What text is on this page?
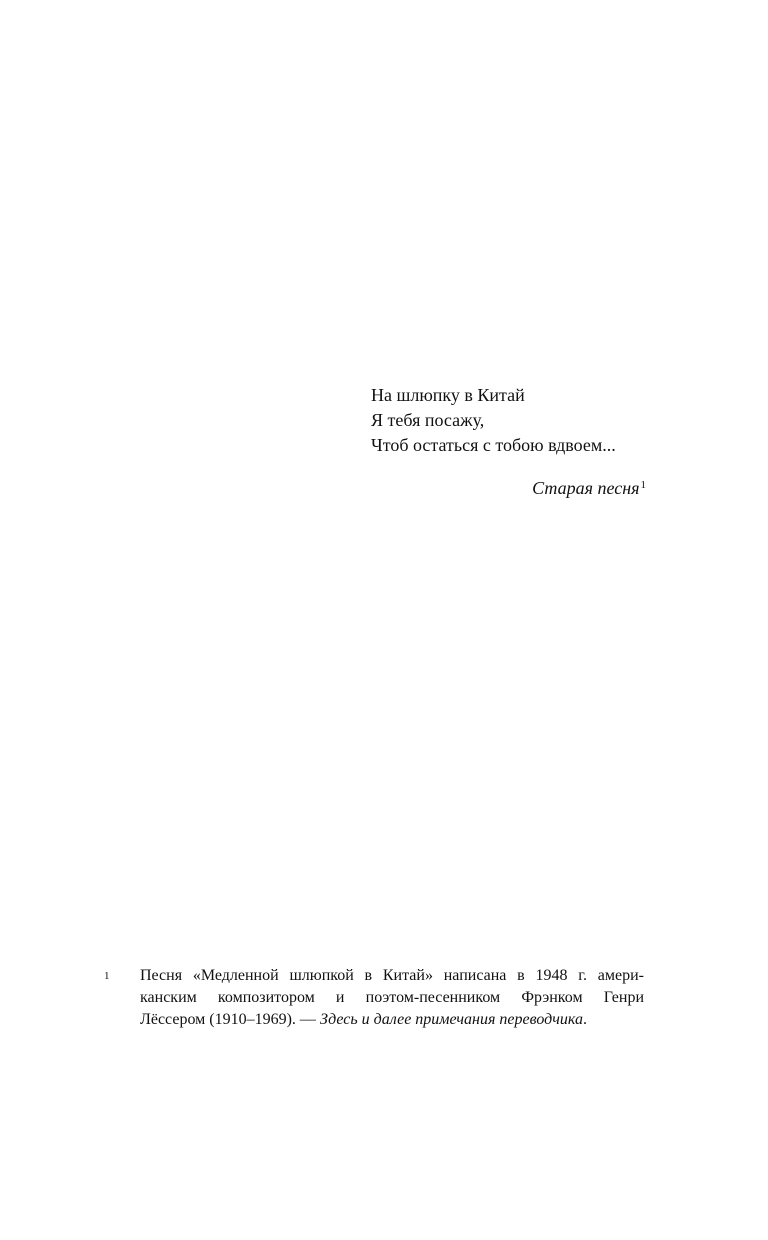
На шлюпку в Китай
Я тебя посажу,
Чтоб остаться с тобою вдвоем...
Старая песня$^1$
1 Песня «Медленной шлюпкой в Китай» написана в 1948 г. амери-
канским композитором и поэтом-песенником Фрэнком Генри
Лёссером (1910–1969). — Здесь и далее примечания переводчика.
